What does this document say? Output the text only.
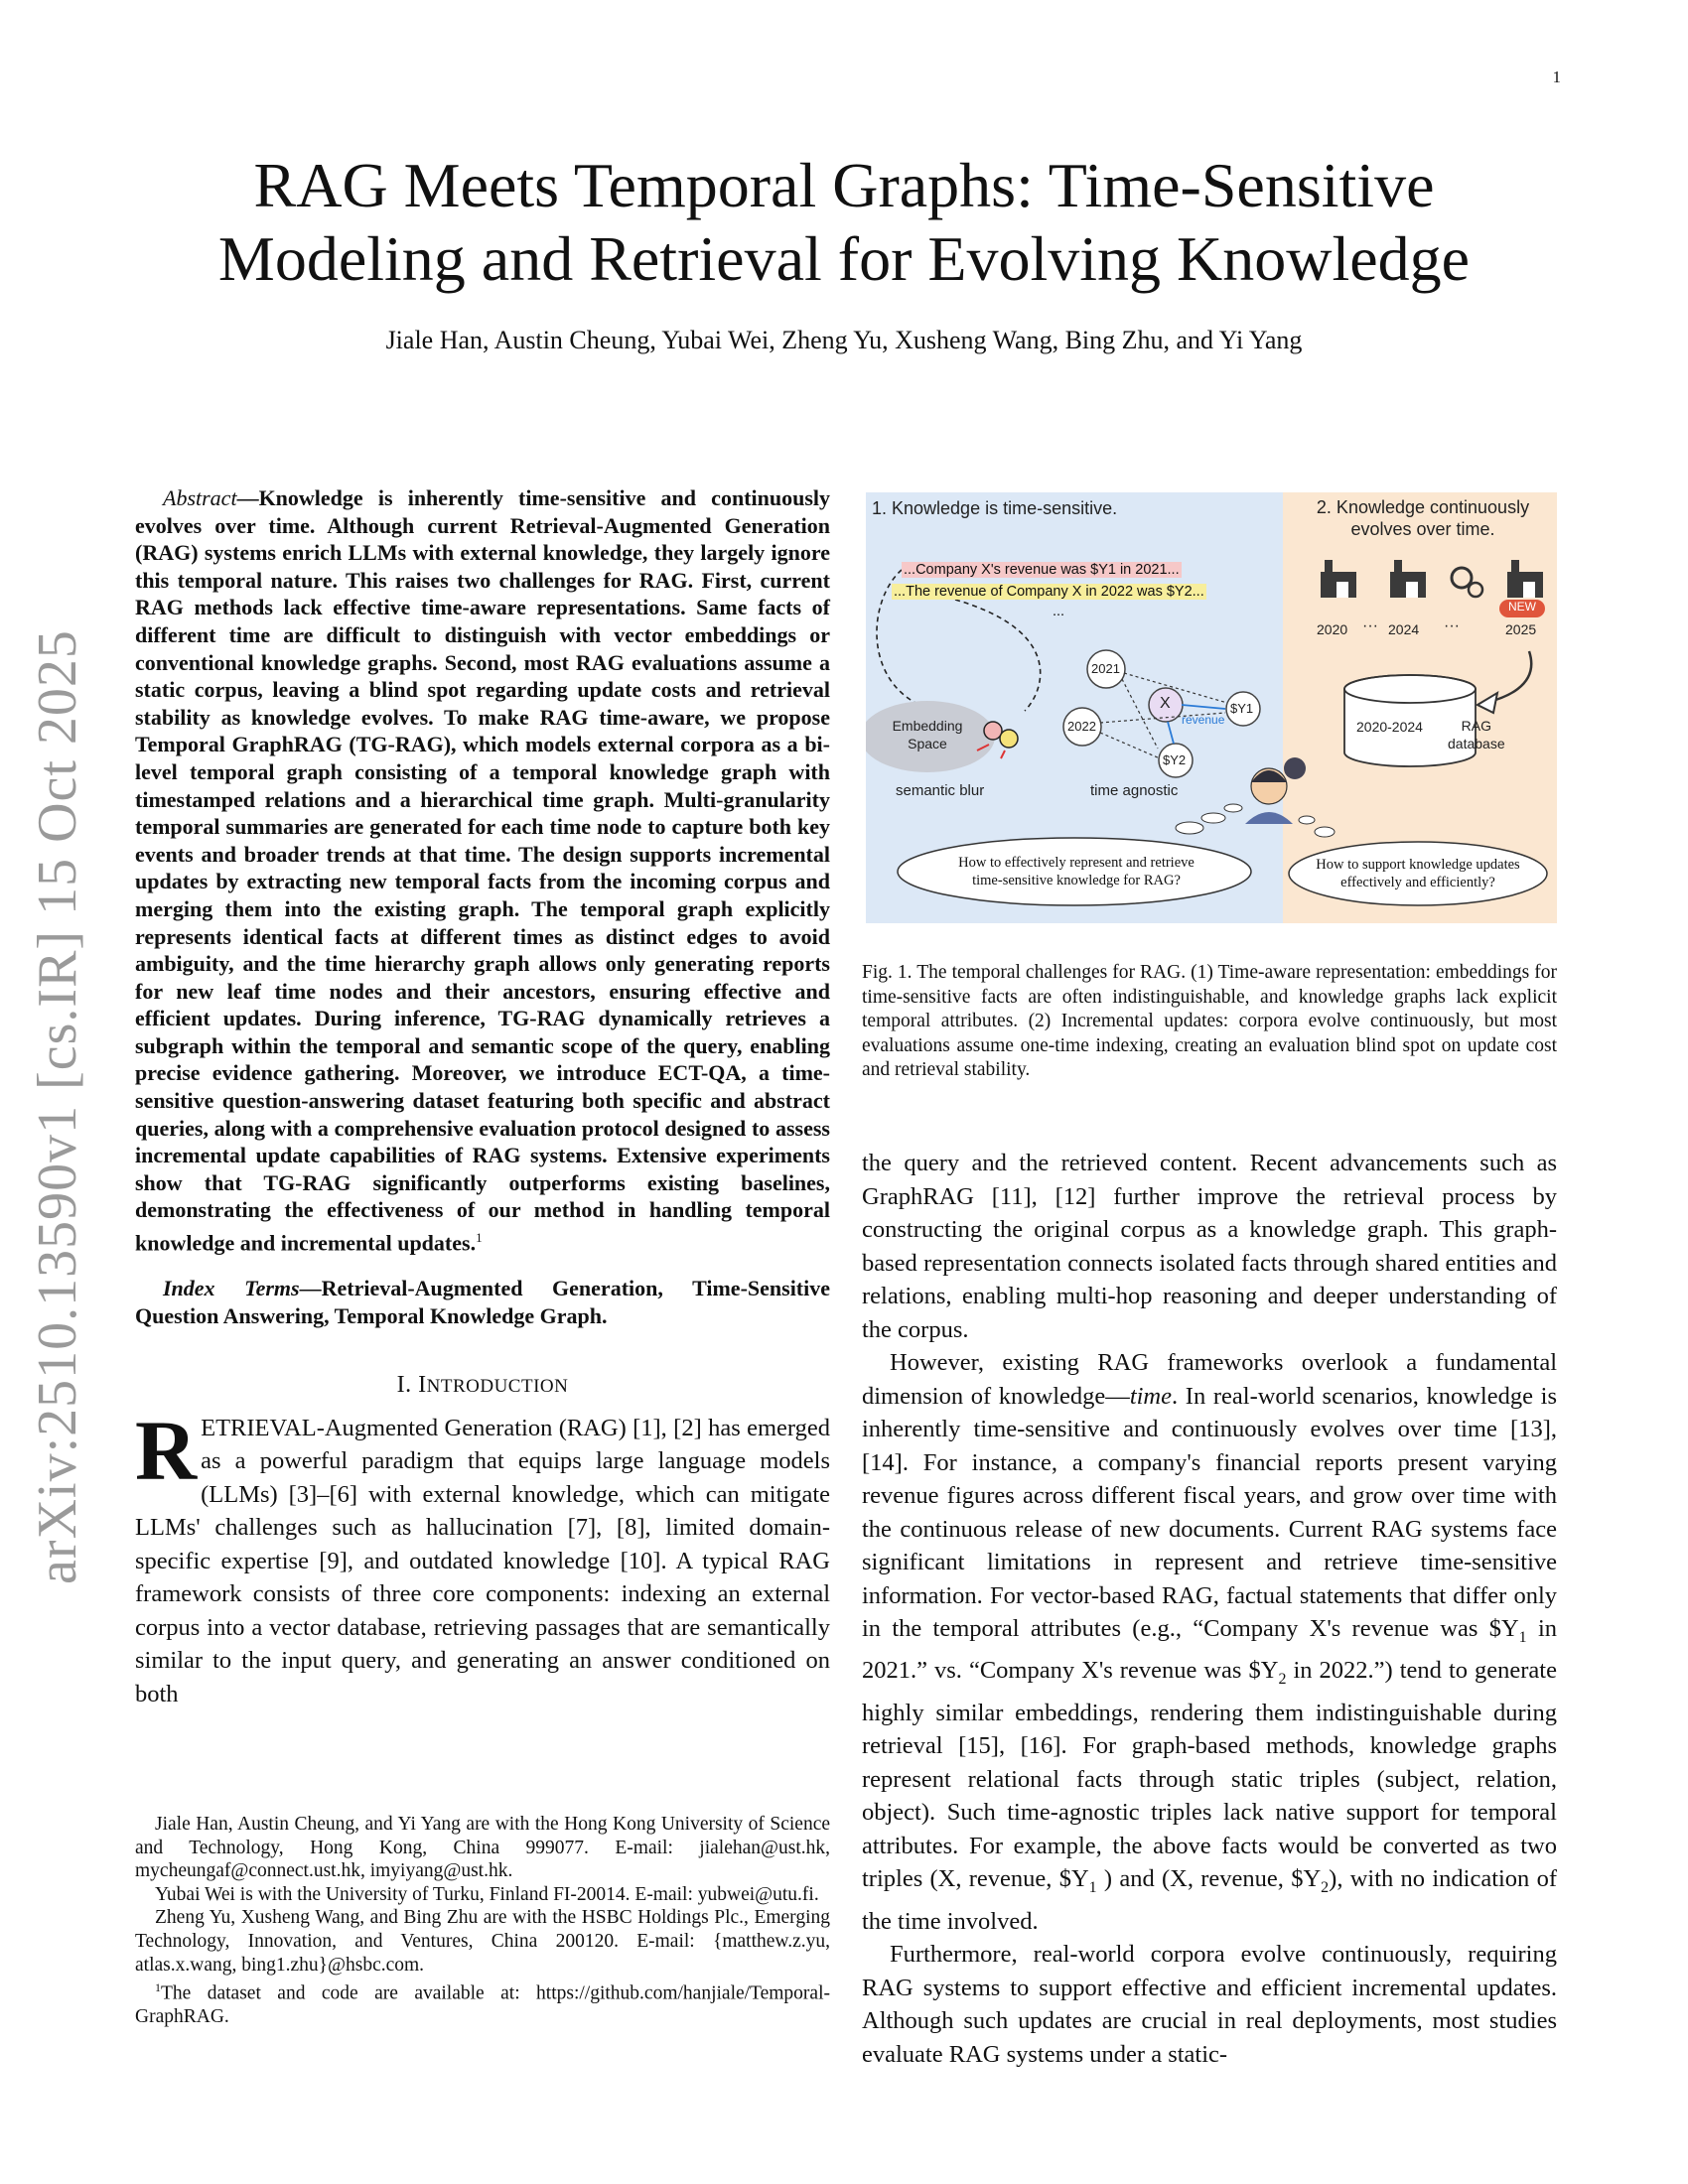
1
arXiv:2510.13590v1 [cs.IR] 15 Oct 2025
RAG Meets Temporal Graphs: Time-Sensitive
Modeling and Retrieval for Evolving Knowledge
Jiale Han, Austin Cheung, Yubai Wei, Zheng Yu, Xusheng Wang, Bing Zhu, and Yi Yang

Abstract—Knowledge is inherently time-sensitive and continuously evolves over time. Although current Retrieval-Augmented Generation (RAG) systems enrich LLMs with external knowledge, they largely ignore this temporal nature. This raises two challenges for RAG. First, current RAG methods lack effective time-aware representations. Same facts of different time are difficult to distinguish with vector embeddings or conventional knowledge graphs. Second, most RAG evaluations assume a static corpus, leaving a blind spot regarding update costs and retrieval stability as knowledge evolves. To make RAG time-aware, we propose Temporal GraphRAG (TG-RAG), which models external corpora as a bi-level temporal graph consisting of a temporal knowledge graph with timestamped relations and a hierarchical time graph. Multi-granularity temporal summaries are generated for each time node to capture both key events and broader trends at that time. The design supports incremental updates by extracting new temporal facts from the incoming corpus and merging them into the existing graph. The temporal graph explicitly represents identical facts at different times as distinct edges to avoid ambiguity, and the time hierarchy graph allows only generating reports for new leaf time nodes and their ancestors, ensuring effective and efficient updates. During inference, TG-RAG dynamically retrieves a subgraph within the temporal and semantic scope of the query, enabling precise evidence gathering. Moreover, we introduce ECT-QA, a time-sensitive question-answering dataset featuring both specific and abstract queries, along with a comprehensive evaluation protocol designed to assess incremental update capabilities of RAG systems. Extensive experiments show that TG-RAG significantly outperforms existing baselines, demonstrating the effectiveness of our method in handling temporal knowledge and incremental updates.$^1$

Index Terms—Retrieval-Augmented Generation, Time-Sensitive Question Answering, Temporal Knowledge Graph.

I. INTRODUCTION

RETRIEVAL-Augmented Generation (RAG) [1], [2] has emerged as a powerful paradigm that equips large language models (LLMs) [3]–[6] with external knowledge, which can mitigate LLMs' challenges such as hallucination [7], [8], limited domain-specific expertise [9], and outdated knowledge [10]. A typical RAG framework consists of three core components: indexing an external corpus into a vector database, retrieving passages that are semantically similar to the input query, and generating an answer conditioned on both

Jiale Han, Austin Cheung, and Yi Yang are with the Hong Kong University of Science and Technology, Hong Kong, China 999077. E-mail: jialehan@ust.hk, mycheungaf@connect.ust.hk, imyiyang@ust.hk.

Yubai Wei is with the University of Turku, Finland FI-20014. E-mail: yubwei@utu.fi.

Zheng Yu, Xusheng Wang, and Bing Zhu are with the HSBC Holdings Plc., Emerging Technology, Innovation, and Ventures, China 200120. E-mail: {matthew.z.yu, atlas.x.wang, bing1.zhu}@hsbc.com.

$^1$The dataset and code are available at: https://github.com/hanjiale/Temporal-GraphRAG.

1. Knowledge is time-sensitive.	2. Knowledge continuously
evolves over time.
...Company X's revenue was $Y1 in 2021...
...The revenue of Company X in 2022 was $Y2...
...
Embedding
Space
2021
2022
X	$Y1
$Y2
revenue
semantic blur	time agnostic
2020 ··· 2024 ···	2025
NEW
2020-2024	RAG
database
How to effectively represent and retrieve
time-sensitive knowledge for RAG?
How to support knowledge updates
effectively and efficiently?
Fig. 1. The temporal challenges for RAG. (1) Time-aware representation: embeddings for time-sensitive facts are often indistinguishable, and knowledge graphs lack explicit temporal attributes. (2) Incremental updates: corpora evolve continuously, but most evaluations assume one-time indexing, creating an evaluation blind spot on update cost and retrieval stability.

the query and the retrieved content. Recent advancements such as GraphRAG [11], [12] further improve the retrieval process by constructing the original corpus as a knowledge graph. This graph-based representation connects isolated facts through shared entities and relations, enabling multi-hop reasoning and deeper understanding of the corpus.

However, existing RAG frameworks overlook a fundamental dimension of knowledge—time. In real-world scenarios, knowledge is inherently time-sensitive and continuously evolves over time [13], [14]. For instance, a company's financial reports present varying revenue figures across different fiscal years, and grow over time with the continuous release of new documents. Current RAG systems face significant limitations in represent and retrieve time-sensitive information. For vector-based RAG, factual statements that differ only in the temporal attributes (e.g., “Company X's revenue was $\$Y_1$ in 2021.” vs. “Company X's revenue was $\$Y_2$ in 2022.”) tend to generate highly similar embeddings, rendering them indistinguishable during retrieval [15], [16]. For graph-based methods, knowledge graphs represent relational facts through static triples (subject, relation, object). Such time-agnostic triples lack native support for temporal attributes. For example, the above facts would be converted as two triples (X, revenue, $\$Y_1$ ) and (X, revenue, $\$Y_2$), with no indication of the time involved.

Furthermore, real-world corpora evolve continuously, requiring RAG systems to support effective and efficient incremental updates. Although such updates are crucial in real deployments, most studies evaluate RAG systems under a static-
